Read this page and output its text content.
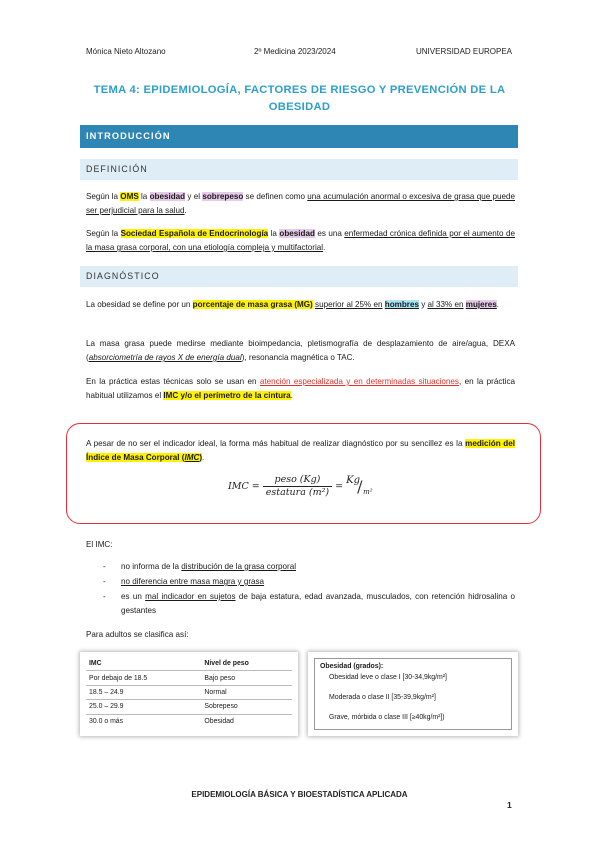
Mónica Nieto Altozano	2º Medicina 2023/2024	UNIVERSIDAD EUROPEA
TEMA 4: EPIDEMIOLOGÍA, FACTORES DE RIESGO Y PREVENCIÓN DE LA
OBESIDAD
INTRODUCCIÓN
DEFINICIÓN
Según la OMS la obesidad y el sobrepeso se definen como una acumulación anormal o excesiva de grasa que puede ser perjudicial para la salud.
Según la Sociedad Española de Endocrinología la obesidad es una enfermedad crónica definida por el aumento de la masa grasa corporal, con una etiología compleja y multifactorial.
DIAGNÓSTICO
La obesidad se define por un porcentaje de masa grasa (MG) superior al 25% en hombres y al 33% en mujeres.
La masa grasa puede medirse mediante bioimpedancia, pletismografía de desplazamiento de aire/agua, DEXA (absorciometría de rayos X de energía dual), resonancia magnética o TAC.
En la práctica estas técnicas solo se usan en atención especializada y en determinadas situaciones, en la práctica habitual utilizamos el IMC y/o el perímetro de la cintura.
A pesar de no ser el indicador ideal, la forma más habitual de realizar diagnóstico por su sencillez es la medición del Índice de Masa Corporal (IMC).
IMC = $\frac{\text{peso (Kg)}}{\text{estatura (m²)}}$ =
Kg
/ m²
El IMC:
- no informa de la distribución de la grasa corporal
- no diferencia entre masa magra y grasa
- es un mal indicador en sujetos de baja estatura, edad avanzada, musculados, con retención hidrosalina o gestantes
Para adultos se clasifica así:
IMC	Nivel de peso
Por debajo de 18.5	Bajo peso
18.5 – 24.9	Normal
25.0 – 29.9	Sobrepeso
30.0 o más	Obesidad
Obesidad (grados):
Obesidad leve o clase I [30-34,9kg/m²]
Moderada o clase II [35-39,9kg/m²]
Grave, mórbida o clase III [≥40kg/m²])
EPIDEMIOLOGÍA BÁSICA Y BIOESTADÍSTICA APLICADA
1
